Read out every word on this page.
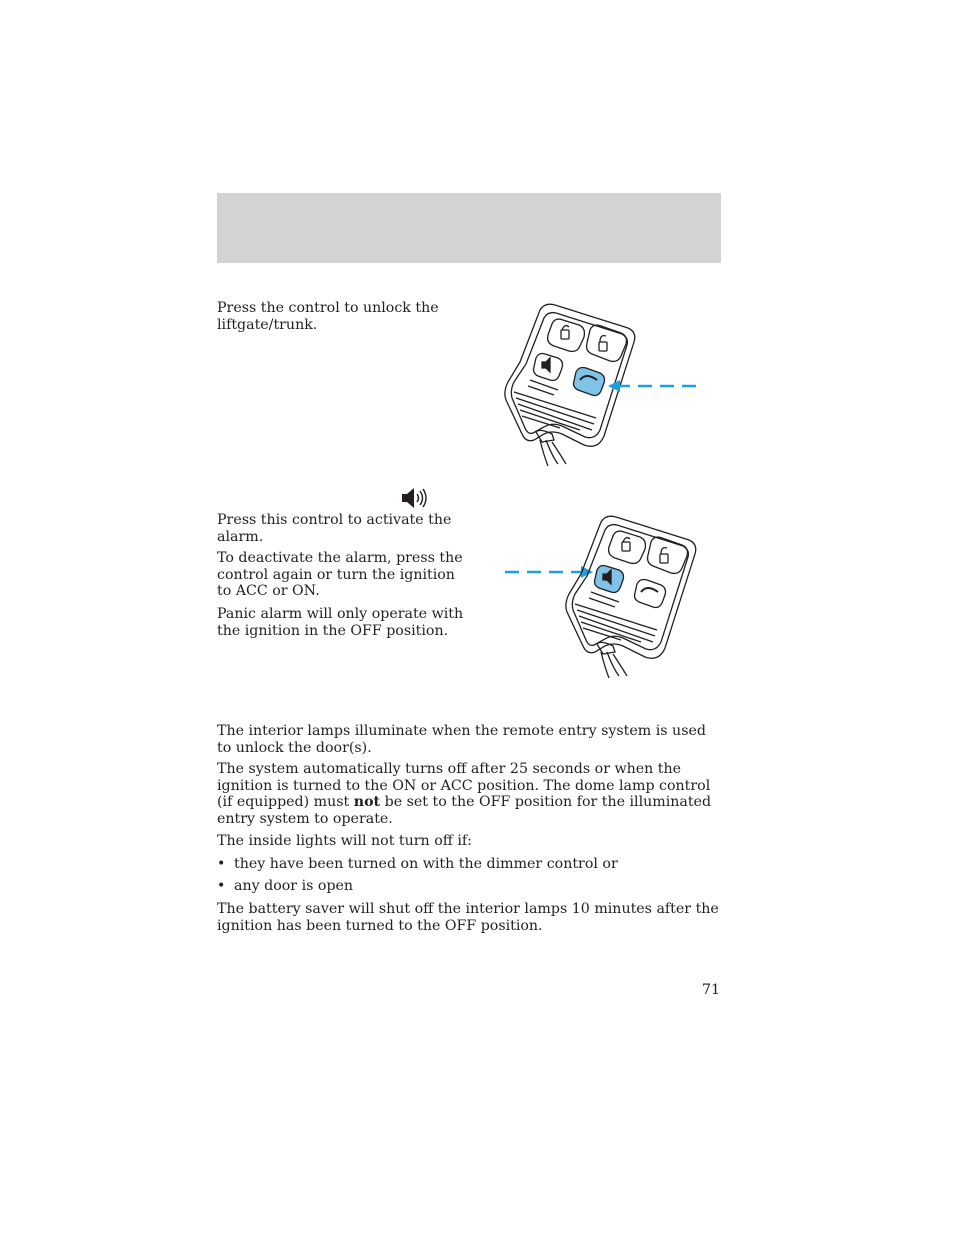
Press the control to unlock the liftgate/trunk.

Press this control to activate the alarm.

To deactivate the alarm, press the control again or turn the ignition to ACC or ON.

Panic alarm will only operate with the ignition in the OFF position.

The interior lamps illuminate when the remote entry system is used to unlock the door(s).

The system automatically turns off after 25 seconds or when the ignition is turned to the ON or ACC position. The dome lamp control (if equipped) must not be set to the OFF position for the illuminated entry system to operate.

The inside lights will not turn off if:

• they have been turned on with the dimmer control or
• any door is open

The battery saver will shut off the interior lamps 10 minutes after the ignition has been turned to the OFF position.

71
